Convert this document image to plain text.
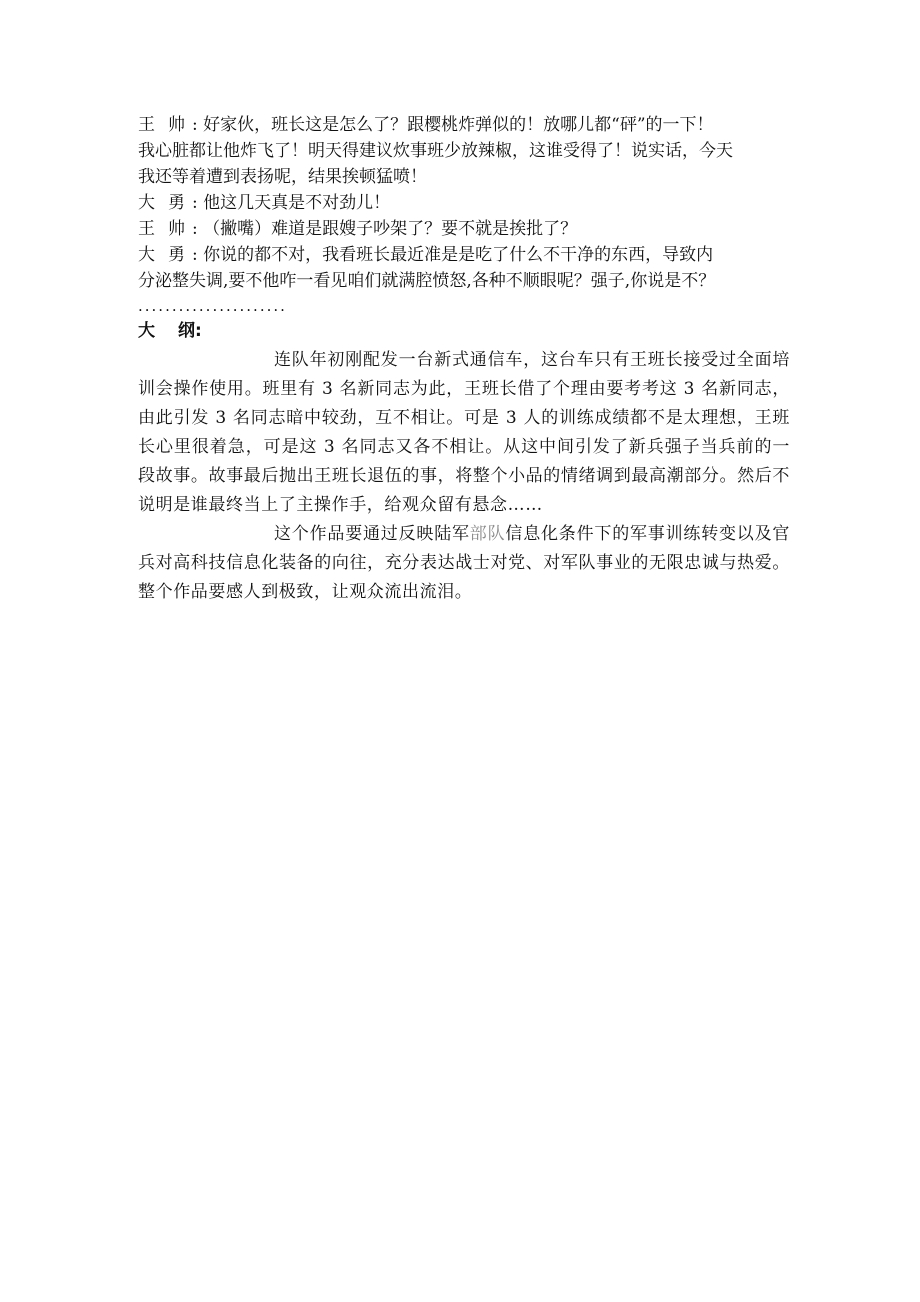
王 帅 : 好家伙，班长这是怎么了？跟樱桃炸弹似的！放哪儿都“砰”的一下！
我心脏都让他炸飞了！明天得建议炊事班少放辣椒，这谁受得了！说实话，今天
我还等着遭到表扬呢，结果挨顿猛喷！
大 勇 : 他这几天真是不对劲儿！
王 帅 : （撇嘴）难道是跟嫂子吵架了？要不就是挨批了？
大 勇 : 你说的都不对，我看班长最近准是是吃了什么不干净的东西，导致内
分泌整失调,要不他咋一看见咱们就满腔愤怒,各种不顺眼呢？强子,你说是不？
......................
大 纲:
连队年初刚配发一台新式通信车，这台车只有王班长接受过全面培训会操作使用。班里有 3 名新同志为此，王班长借了个理由要考考这 3 名新同志，由此引发 3 名同志暗中较劲，互不相让。可是 3 人的训练成绩都不是太理想，王班长心里很着急，可是这 3 名同志又各不相让。从这中间引发了新兵强子当兵前的一段故事。故事最后抛出王班长退伍的事，将整个小品的情绪调到最高潮部分。然后不说明是谁最终当上了主操作手，给观众留有悬念……
这个作品要通过反映陆军部队信息化条件下的军事训练转变以及官兵对高科技信息化装备的向往，充分表达战士对党、对军队事业的无限忠诚与热爱。整个作品要感人到极致，让观众流出流泪。
